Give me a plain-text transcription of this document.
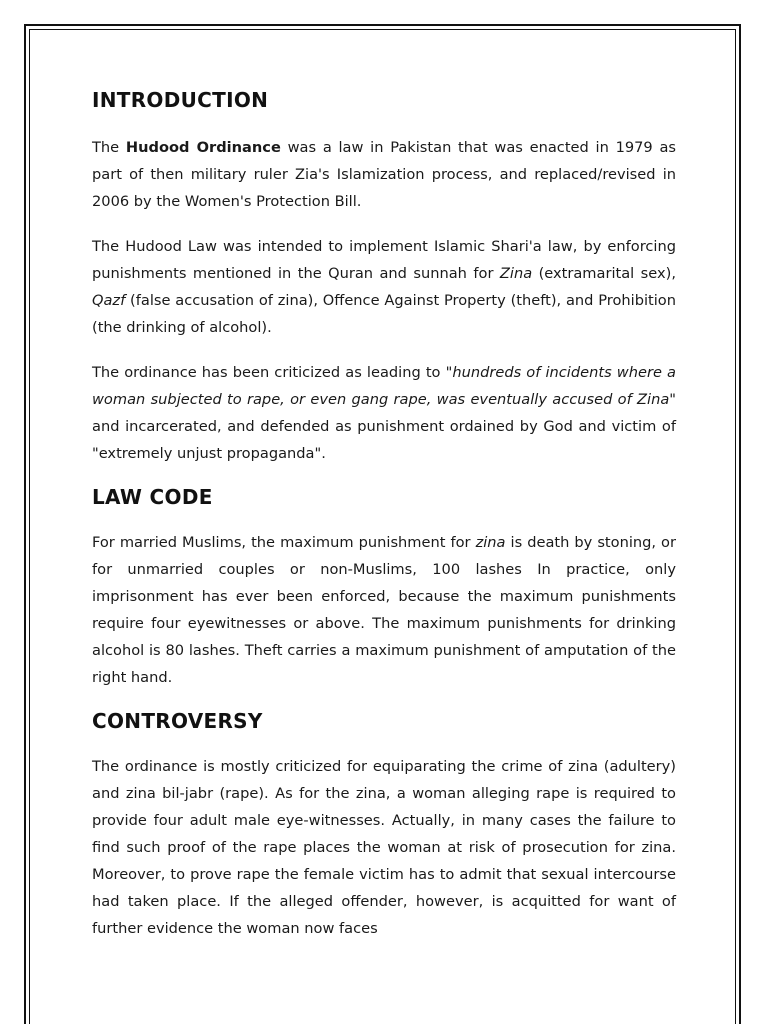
INTRODUCTION

The Hudood Ordinance was a law in Pakistan that was enacted in 1979 as part of then military ruler Zia's Islamization process, and replaced/revised in 2006 by the Women's Protection Bill.

The Hudood Law was intended to implement Islamic Shari'a law, by enforcing punishments mentioned in the Quran and sunnah for Zina (extramarital sex), Qazf (false accusation of zina), Offence Against Property (theft), and Prohibition (the drinking of alcohol).

The ordinance has been criticized as leading to "hundreds of incidents where a woman subjected to rape, or even gang rape, was eventually accused of Zina" and incarcerated, and defended as punishment ordained by God and victim of "extremely unjust propaganda".

LAW CODE

For married Muslims, the maximum punishment for zina is death by stoning, or for unmarried couples or non-Muslims, 100 lashes In practice, only imprisonment has ever been enforced, because the maximum punishments require four eyewitnesses or above. The maximum punishments for drinking alcohol is 80 lashes. Theft carries a maximum punishment of amputation of the right hand.

CONTROVERSY

The ordinance is mostly criticized for equiparating the crime of zina (adultery) and zina bil-jabr (rape). As for the zina, a woman alleging rape is required to provide four adult male eye-witnesses. Actually, in many cases the failure to find such proof of the rape places the woman at risk of prosecution for zina. Moreover, to prove rape the female victim has to admit that sexual intercourse had taken place. If the alleged offender, however, is acquitted for want of further evidence the woman now faces
